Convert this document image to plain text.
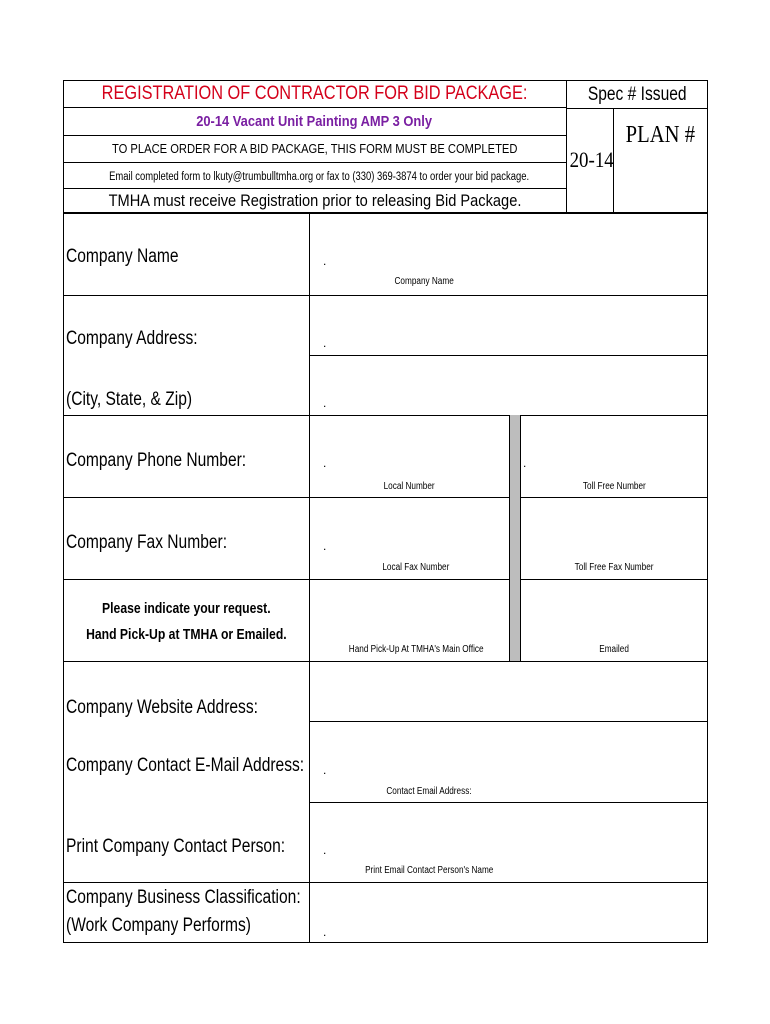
REGISTRATION OF CONTRACTOR FOR BID PACKAGE:
20-14 Vacant Unit Painting AMP 3 Only
TO PLACE ORDER FOR A BID PACKAGE, THIS FORM MUST BE COMPLETED
Email completed form to lkuty@trumbulltmha.org or fax to (330) 369-3874 to order your bid package.
TMHA must receive Registration prior to releasing Bid Package.
Spec # Issued
20-14
PLAN #
Company Name	.
Company Name
Company Address:	.
(City, State, & Zip)	.
Company Phone Number:	.	.
Local Number	Toll Free Number
Company Fax Number:	.
Local Fax Number	Toll Free Fax Number
Please indicate your request.
Hand Pick-Up at TMHA or Emailed.
Hand Pick-Up At TMHA's Main Office	Emailed
Company Website Address:
Company Contact E-Mail Address: .
Contact Email Address:
Print Company Contact Person:	.
Print Email Contact Person's Name
Company Business Classification:
(Work Company Performs)	.
